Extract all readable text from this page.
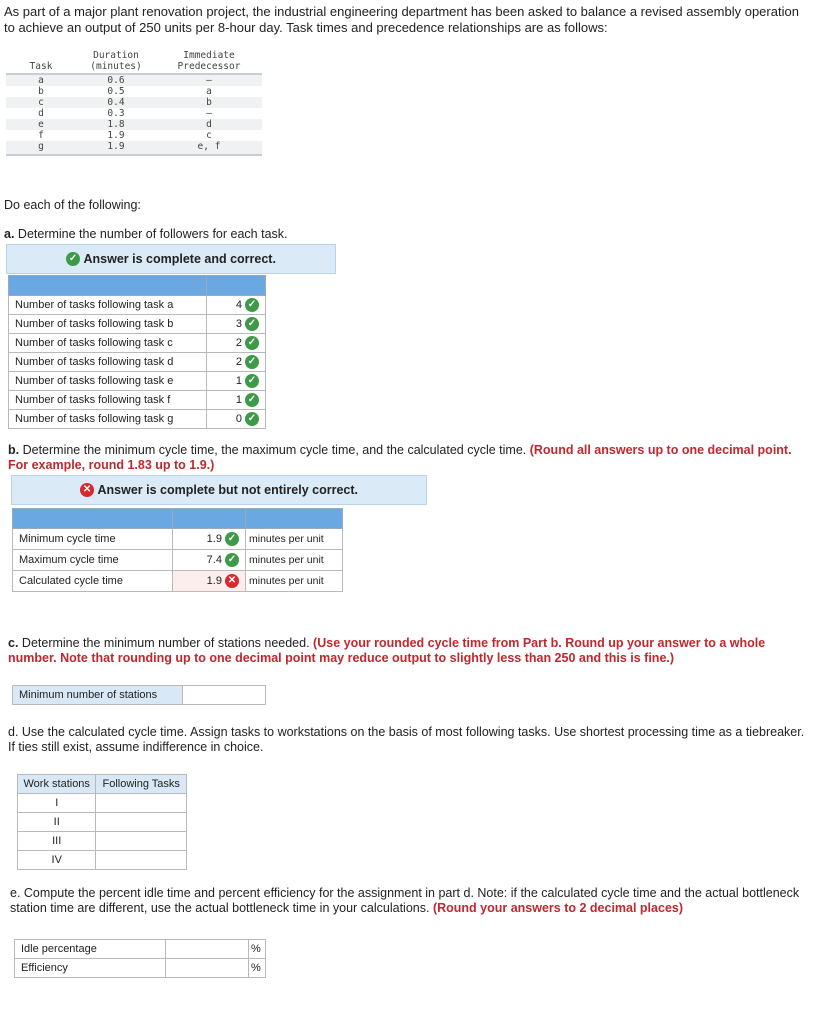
As part of a major plant renovation project, the industrial engineering department has been asked to balance a revised assembly operation to achieve an output of 250 units per 8-hour day. Task times and precedence relationships are as follows:
	Duration	Immediate
Task	(minutes)	Predecessor
a	0.6	–
b	0.5	a
c	0.4	b
d	0.3	–
e	1.8	d
f	1.9	c
g	1.9	e, f
Do each of the following:
a. Determine the number of followers for each task.
✓
Answer is complete and correct.

Number of tasks following task a	4 ✓
Number of tasks following task b	3 ✓
Number of tasks following task c	2 ✓
Number of tasks following task d	2 ✓
Number of tasks following task e	1 ✓
Number of tasks following task f	1 ✓
Number of tasks following task g	0 ✓
b. Determine the minimum cycle time, the maximum cycle time, and the calculated cycle time. (Round all answers up to one decimal point. For example, round 1.83 up to 1.9.)
✕
Answer is complete but not entirely correct.

Minimum cycle time	1.9 ✓	minutes per unit
Maximum cycle time	7.4 ✓	minutes per unit
Calculated cycle time	1.9 ✕	minutes per unit
c. Determine the minimum number of stations needed. (Use your rounded cycle time from Part b. Round up your answer to a whole number. Note that rounding up to one decimal point may reduce output to slightly less than 250 and this is fine.)
Minimum number of stations	
d. Use the calculated cycle time. Assign tasks to workstations on the basis of most following tasks. Use shortest processing time as a tiebreaker. If ties still exist, assume indifference in choice.
Work stations	Following Tasks
I	
II	
III	
IV	
e. Compute the percent idle time and percent efficiency for the assignment in part d. Note: if the calculated cycle time and the actual bottleneck station time are different, use the actual bottleneck time in your calculations. (Round your answers to 2 decimal places)
Idle percentage		%
Efficiency		%
